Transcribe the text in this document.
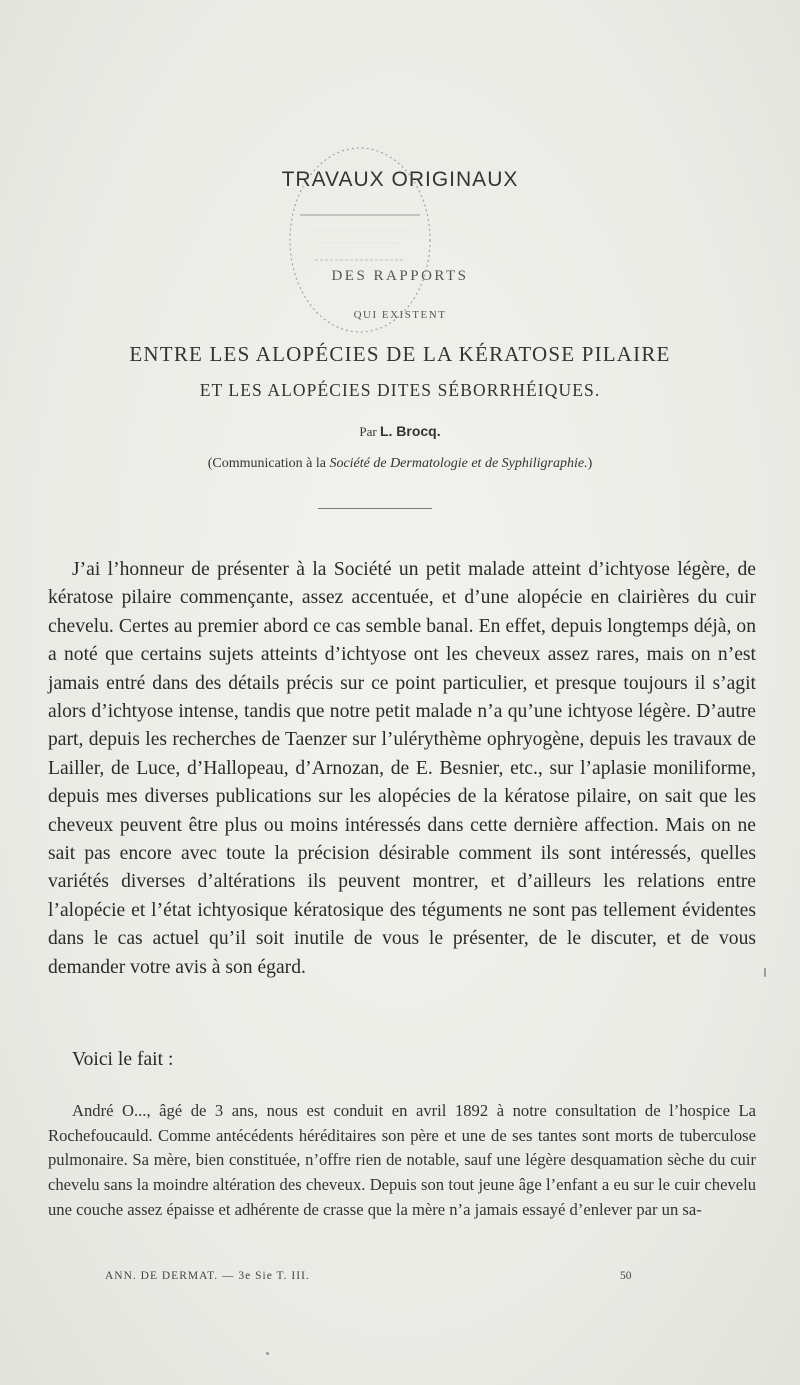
TRAVAUX ORIGINAUX
DES RAPPORTS
QUI EXISTENT
ENTRE LES ALOPÉCIES DE LA KÉRATOSE PILAIRE
ET LES ALOPÉCIES DITES SÉBORRHÉIQUES.
Par L. Brocq.
(Communication à la Société de Dermatologie et de Syphiligraphie.)

J’ai l’honneur de présenter à la Société un petit malade atteint d’ichtyose légère, de kératose pilaire commençante, assez accentuée, et d’une alopécie en clairières du cuir chevelu. Certes au premier abord ce cas semble banal. En effet, depuis longtemps déjà, on a noté que certains sujets atteints d’ichtyose ont les cheveux assez rares, mais on n’est jamais entré dans des détails précis sur ce point particulier, et presque toujours il s’agit alors d’ichtyose intense, tandis que notre petit malade n’a qu’une ichtyose légère. D’autre part, depuis les recherches de Taenzer sur l’ulérythème ophryogène, depuis les travaux de Lailler, de Luce, d’Hallopeau, d’Arnozan, de E. Besnier, etc., sur l’aplasie moniliforme, depuis mes diverses publications sur les alopécies de la kératose pilaire, on sait que les cheveux peuvent être plus ou moins intéressés dans cette dernière affection. Mais on ne sait pas encore avec toute la précision désirable comment ils sont intéressés, quelles variétés diverses d’altérations ils peuvent montrer, et d’ailleurs les relations entre l’alopécie et l’état ichtyosique kératosique des téguments ne sont pas tellement évidentes dans le cas actuel qu’il soit inutile de vous le présenter, de le discuter, et de vous demander votre avis à son égard.

Voici le fait :

André O..., âgé de 3 ans, nous est conduit en avril 1892 à notre consultation de l’hospice La Rochefoucauld. Comme antécédents héréditaires son père et une de ses tantes sont morts de tuberculose pulmonaire. Sa mère, bien constituée, n’offre rien de notable, sauf une légère desquamation sèche du cuir chevelu sans la moindre altération des cheveux. Depuis son tout jeune âge l’enfant a eu sur le cuir chevelu une couche assez épaisse et adhérente de crasse que la mère n’a jamais essayé d’enlever par un sa-

ANN. DE DERMAT. — 3e Sie T. III.	50
